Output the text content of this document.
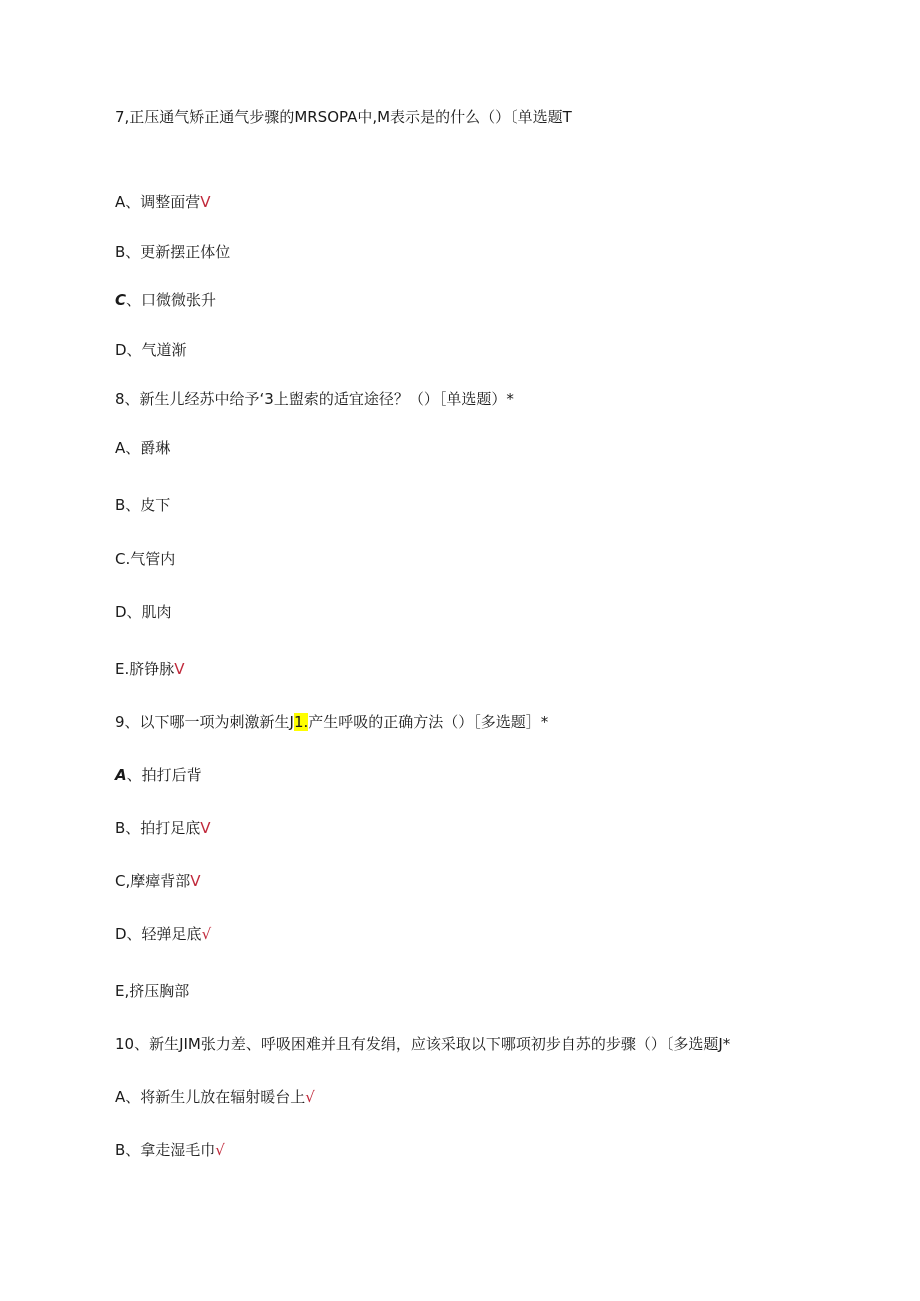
7,正压通气矫正通气步骤的MRSOPA中,M表示是的什么（）〔单选题T
A、调整面营V
B、更新摆正体位
C、口微微张升
D、气道渐
8、新生儿经苏中给予‘3上盥索的适宜途径？（）［单选题）*
A、爵琳
B、皮下
C.气管内
D、肌肉
E.脐铮脉V
9、以下哪一项为刺激新生J1.产生呼吸的正确方法（）［多选题］*
A、拍打后背
B、拍打足底V
C,摩瘴背部V
D、轻弹足底√
E,挤压胸部
10、新生JIM张力差、呼吸困难并且有发绢，应该采取以下哪项初步自苏的步骤（）〔多选题J*
A、将新生儿放在辐射暖台上√
B、拿走湿毛巾√
